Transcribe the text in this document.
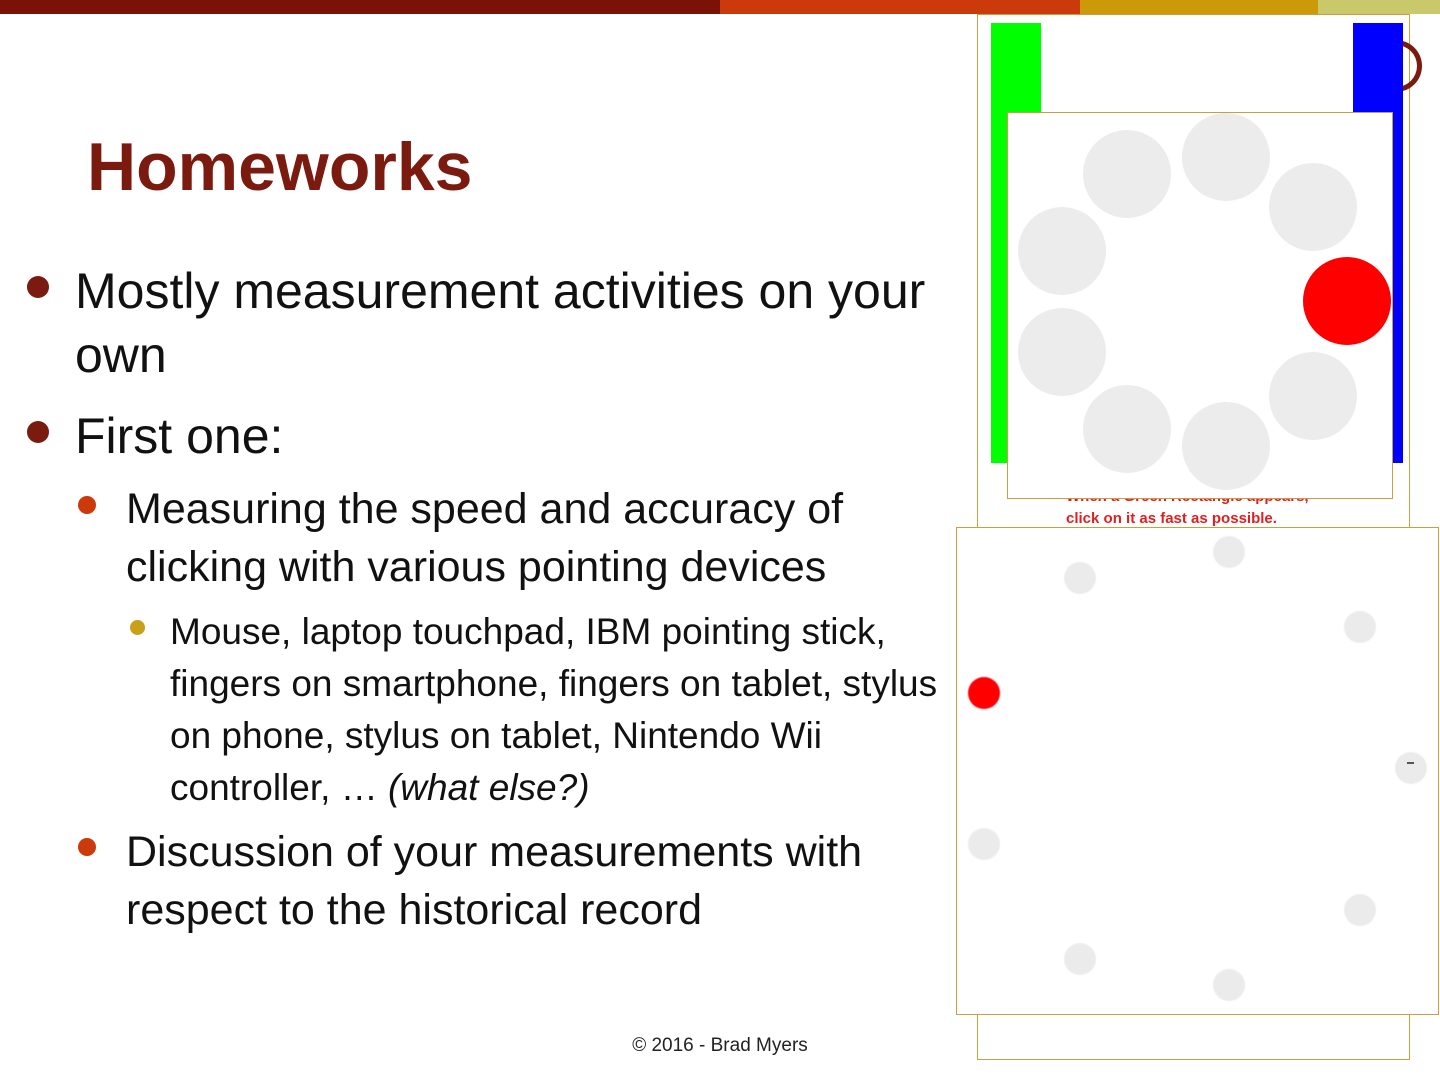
Homeworks
Mostly measurement activities on your own
First one:
Measuring the speed and accuracy of clicking with various pointing devices
Mouse, laptop touchpad, IBM pointing stick, fingers on smartphone, fingers on tablet, stylus on phone, stylus on tablet, Nintendo Wii controller, … (what else?)
Discussion of your measurements with respect to the historical record
click on it as fast as possible.
© 2016 - Brad Myers
